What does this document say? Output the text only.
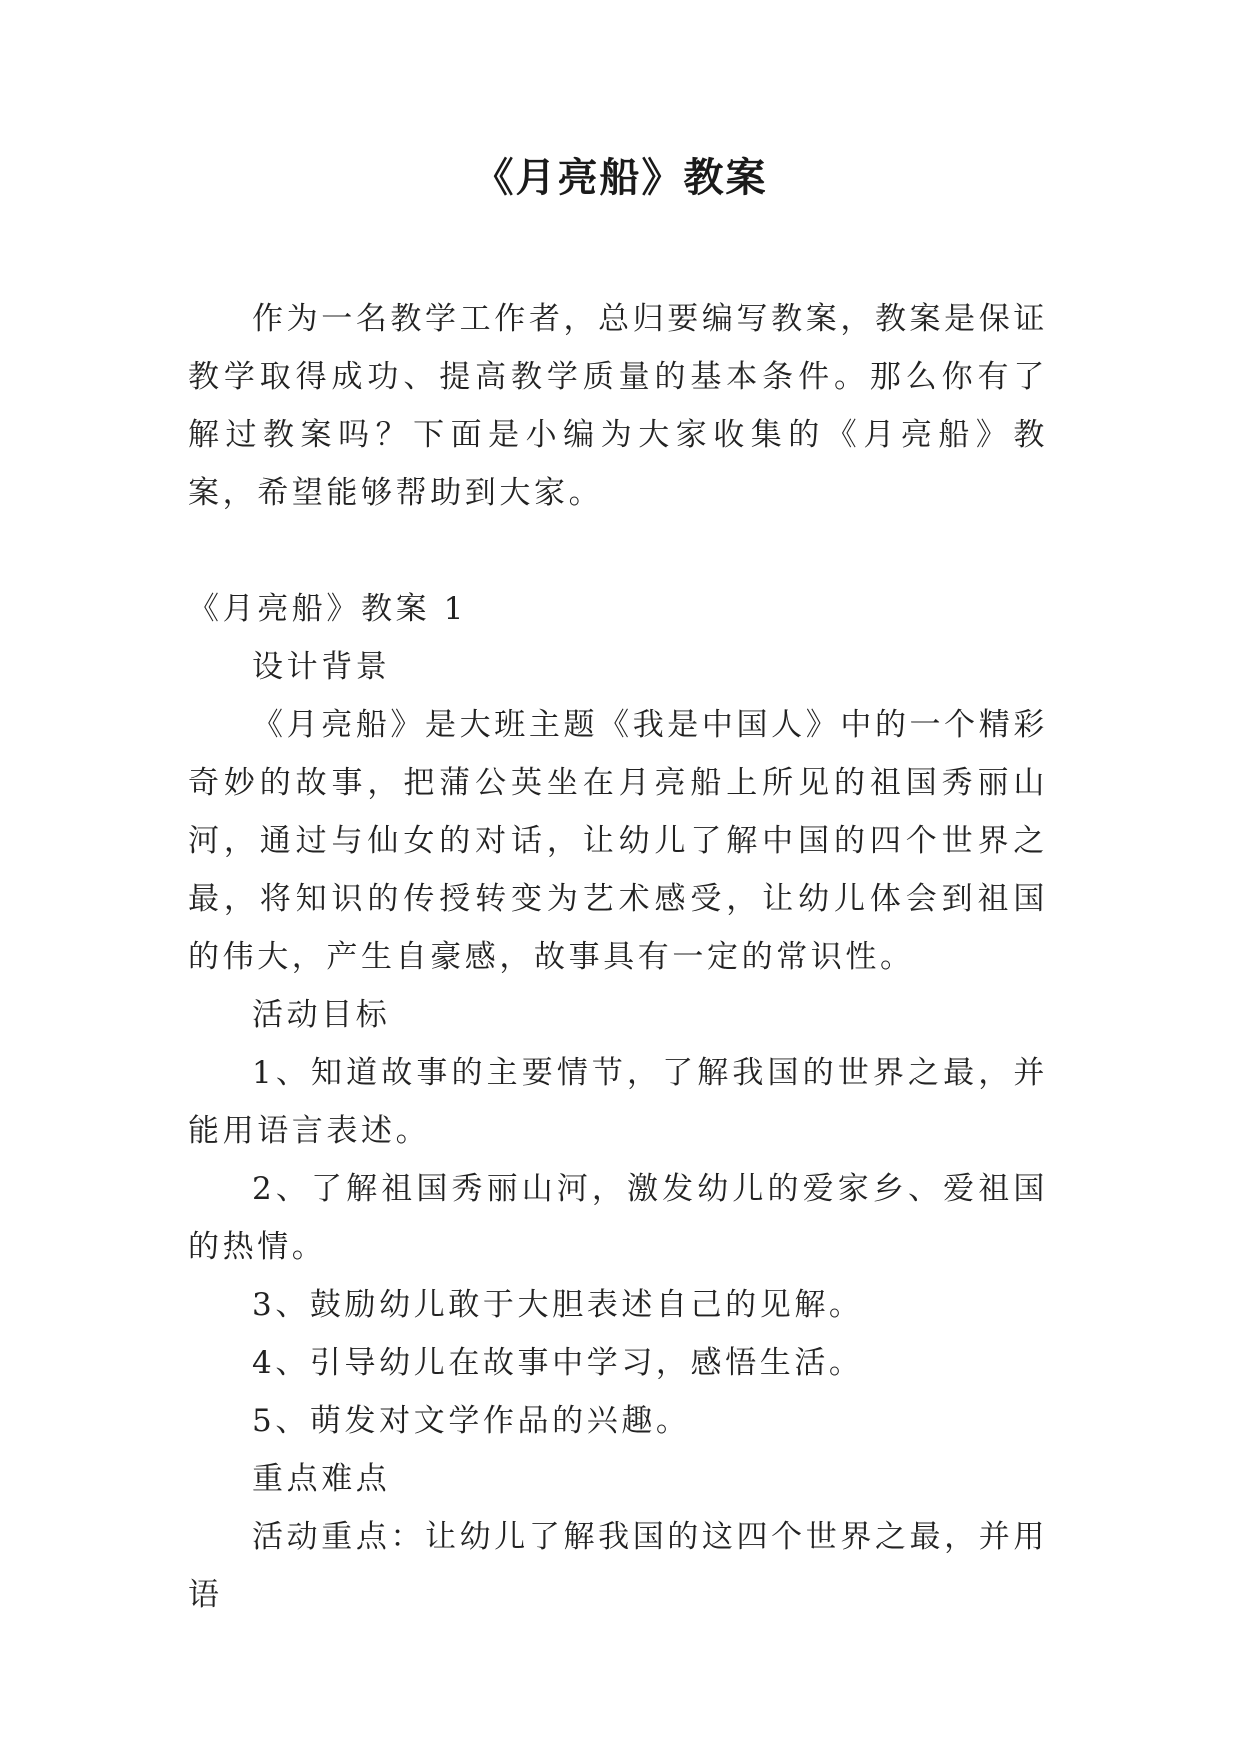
《月亮船》教案

作为一名教学工作者，总归要编写教案，教案是保证教学取得成功、提高教学质量的基本条件。那么你有了解过教案吗？下面是小编为大家收集的《月亮船》教案，希望能够帮助到大家。

《月亮船》教案 1

设计背景

《月亮船》是大班主题《我是中国人》中的一个精彩奇妙的故事，把蒲公英坐在月亮船上所见的祖国秀丽山河，通过与仙女的对话，让幼儿了解中国的四个世界之最，将知识的传授转变为艺术感受，让幼儿体会到祖国的伟大，产生自豪感，故事具有一定的常识性。

活动目标

1、知道故事的主要情节，了解我国的世界之最，并能用语言表述。

2、了解祖国秀丽山河，激发幼儿的爱家乡、爱祖国的热情。

3、鼓励幼儿敢于大胆表述自己的见解。

4、引导幼儿在故事中学习，感悟生活。

5、萌发对文学作品的兴趣。

重点难点

活动重点：让幼儿了解我国的这四个世界之最，并用语
